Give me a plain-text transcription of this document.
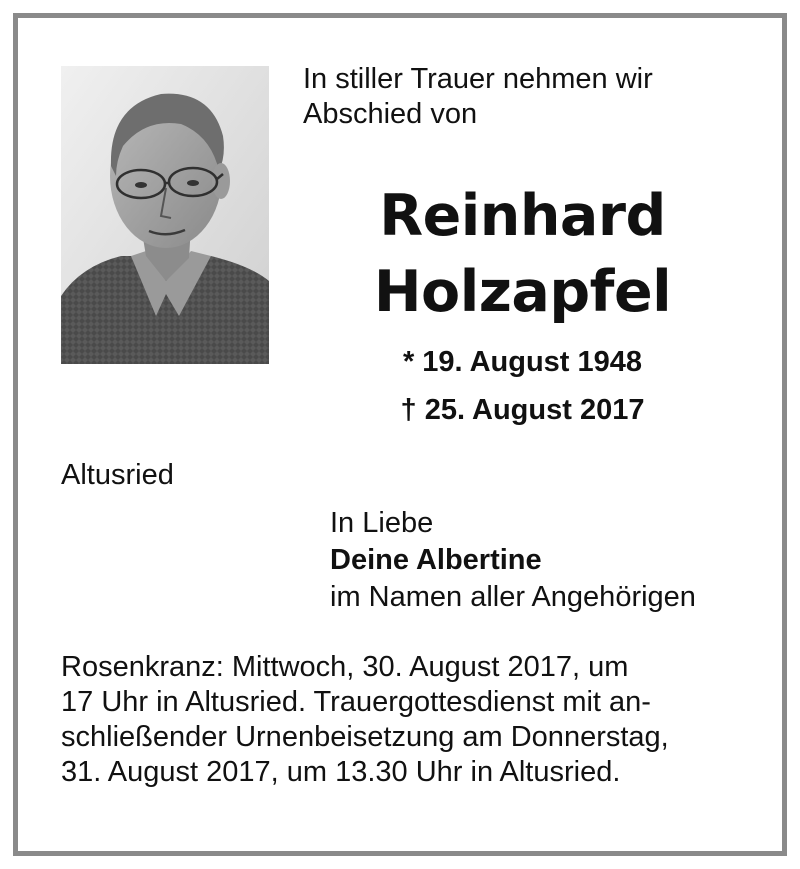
In stiller Trauer nehmen wir
Abschied von
Reinhard
Holzapfel
* 19. August 1948
† 25. August 2017
Altusried
In Liebe
Deine Albertine
im Namen aller Angehörigen
Rosenkranz: Mittwoch, 30. August 2017, um
17 Uhr in Altusried. Trauergottesdienst mit an-
schließender Urnenbeisetzung am Donnerstag,
31. August 2017, um 13.30 Uhr in Altusried.
